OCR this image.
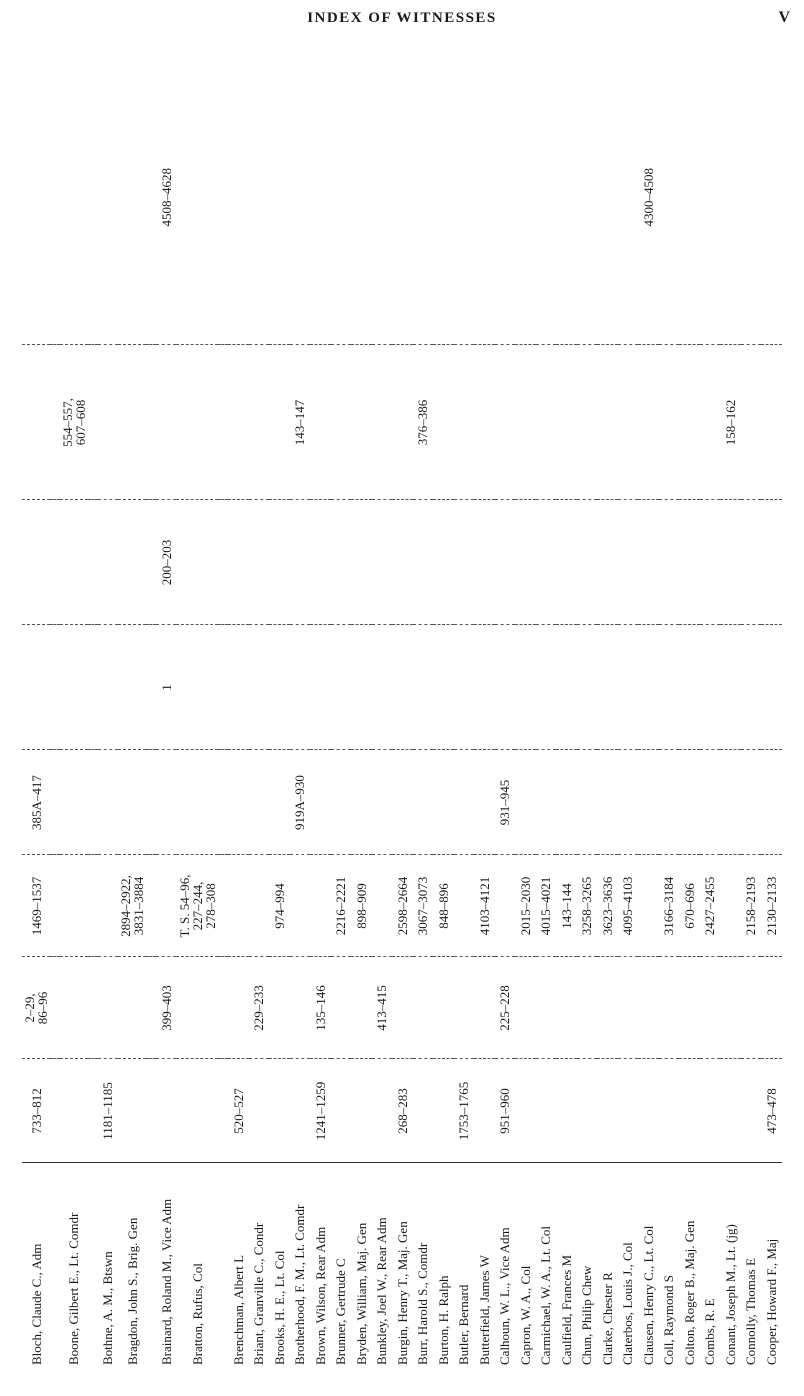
INDEX OF WITNESSES	V
Bloch, Claude C., Adm	733–812	2–29,
86–96	1469–1537	385A–417				

Boone, Gilbert E., Lt. Comdr							554–557,
607–608	

Bothne, A. M., Btswn	1181–1185							

Bragdon, John S., Brig. Gen			2894–2922,
3831–3884					

Brainard, Roland M., Vice Adm		399–403			1	200–203		4508–4628

Bratton, Rufus, Col			T. S. 54–96,
227–244,
278–308					

Brenchman, Albert L	520–527							

Briant, Granville C., Condr		229–233						

Brooks, H. E., Lt. Col			974–994					

Brotherhood, F. M., Lt. Comdr				919A–930			143–147	

Brown, Wilson, Rear Adm	1241–1259	135–146						

Brunner, Gertrude C			2216–2221					

Bryden, William, Maj. Gen			898–909					

Bunkley, Joel W., Rear Adm		413–415						

Burgin, Henry T., Maj. Gen	268–283		2598–2664					

Burr, Harold S., Comdr			3067–3073				376–386	

Burton, H. Ralph			848–896					

Butler, Bernard	1753–1765							

Butterfield, James W			4103–4121					

Calhoun, W. L., Vice Adm	951–960	225–228		931–945				

Capron, W. A., Col			2015–2030					

Carmichael, W. A., Lt. Col			4015–4021					

Caulfield, Frances M			143–144					

Chun, Philip Chew			3258–3265					

Clarke, Chester R			3623–3636					

Claterbos, Louis J., Col			4095–4103					

Clausen, Henry C., Lt. Col								4300–4508

Coll, Raymond S			3166–3184					

Colton, Roger B., Maj. Gen			670–696					

Combs, R. E			2427–2455					

Conant, Joseph M., Lt. (jg)							158–162	

Connolly, Thomas E			2158–2193					

Cooper, Howard F., Maj	473–478		2130–2133					
